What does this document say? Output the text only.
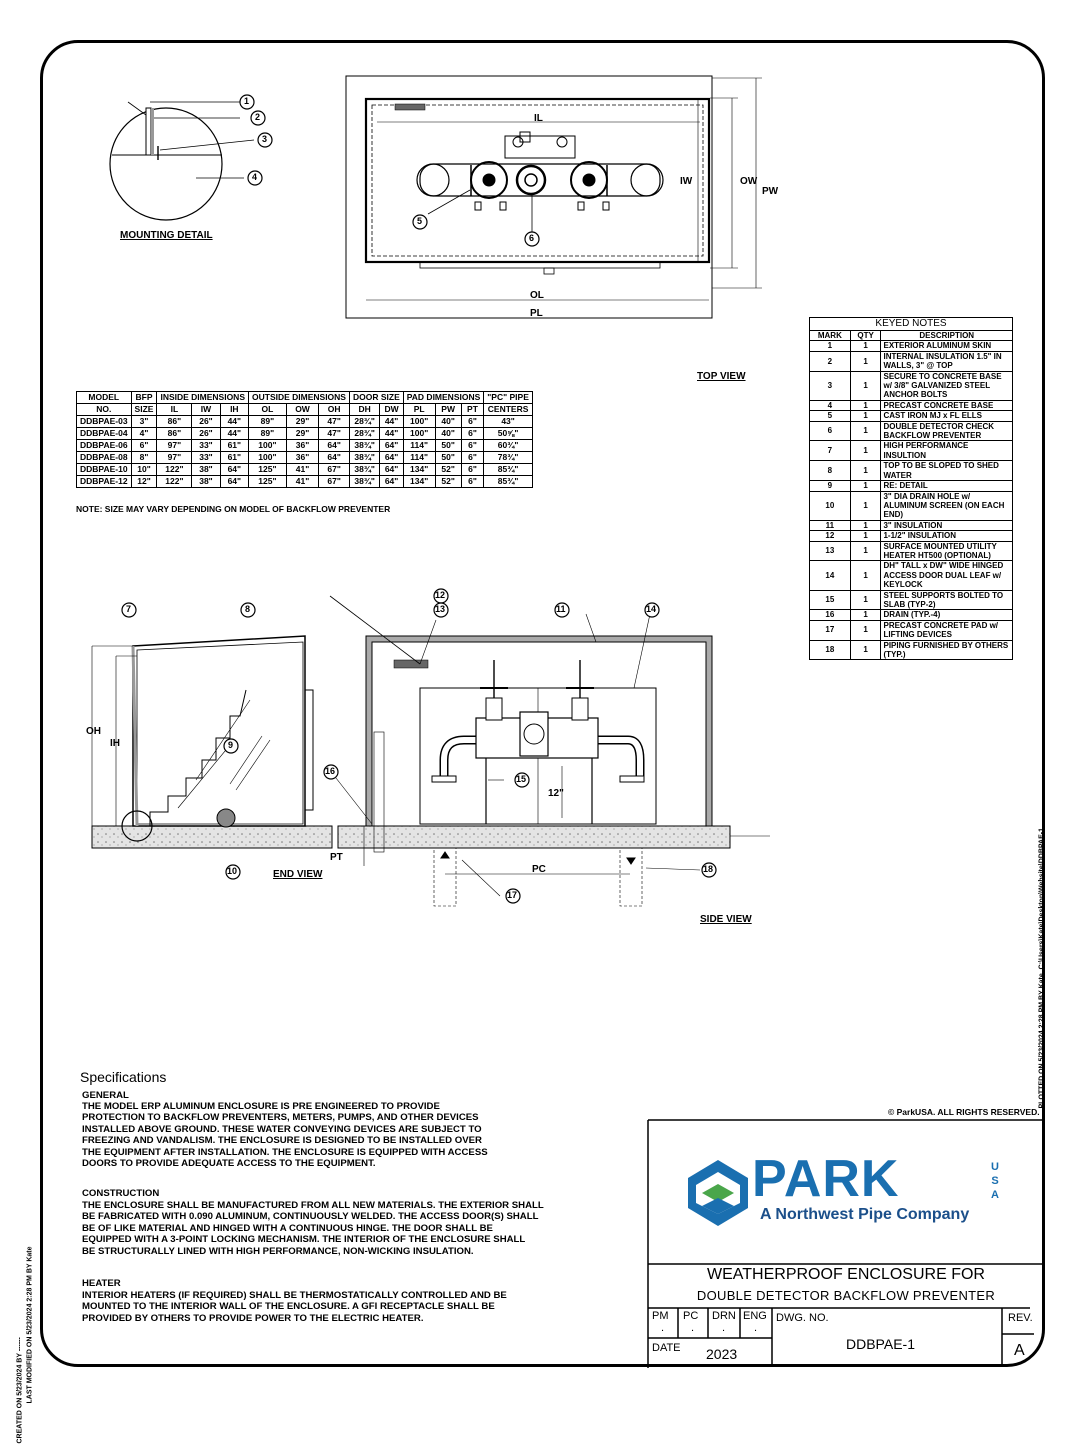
1
2
3
4
5
6
7	8
9
10
11
12
13	14
15
16
17
18
IL
IW	OW
PW
OL
PL
OH
IH
PT
PC
12"
MOUNTING DETAIL
TOP VIEW
END VIEW
SIDE VIEW
MODEL	BFP	INSIDE DIMENSIONS			OUTSIDE DIMENSIONS			DOOR SIZE		PAD DIMENSIONS			"PC" PIPE
NO.	SIZE	IL	IW	IH	OL	OW	OH	DH	DW	PL	PW	PT	CENTERS
DDBPAE-03	3"	86"	26"	44"	89"	29"	47"	28¾"	44"	100"	40"	6"	43"
DDBPAE-04	4"	86"	26"	44"	89"	29"	47"	28¾"	44"	100"	40"	6"	50⅝"
DDBPAE-06	6"	97"	33"	61"	100"	36"	64"	38¾"	64"	114"	50"	6"	60¾"
DDBPAE-08	8"	97"	33"	61"	100"	36"	64"	38¾"	64"	114"	50"	6"	78¾"
DDBPAE-10	10"	122"	38"	64"	125"	41"	67"	38¾"	64"	134"	52"	6"	85¾"
DDBPAE-12	12"	122"	38"	64"	125"	41"	67"	38¾"	64"	134"	52"	6"	85¾"
NOTE: SIZE MAY VARY DEPENDING ON MODEL OF BACKFLOW PREVENTER
KEYED NOTES		
MARK	QTY	DESCRIPTION
1	1	EXTERIOR ALUMINUM SKIN
2	1	INTERNAL INSULATION 1.5" IN WALLS, 3" @ TOP
3	1	SECURE TO CONCRETE BASE w/ 3/8" GALVANIZED STEEL ANCHOR BOLTS
4	1	PRECAST CONCRETE BASE
5	1	CAST IRON MJ x FL ELLS
6	1	DOUBLE DETECTOR CHECK BACKFLOW PREVENTER
7	1	HIGH PERFORMANCE INSULTION
8	1	TOP TO BE SLOPED TO SHED WATER
9	1	RE: DETAIL
10	1	3" DIA DRAIN HOLE w/ ALUMINUM SCREEN (ON EACH END)
11	1	3" INSULATION
12	1	1-1/2" INSULATION
13	1	SURFACE MOUNTED UTILITY HEATER HT500 (OPTIONAL)
14	1	DH" TALL x DW" WIDE HINGED ACCESS DOOR DUAL LEAF w/ KEYLOCK
15	1	STEEL SUPPORTS BOLTED TO SLAB (TYP-2)
16	1	DRAIN (TYP.-4)
17	1	PRECAST CONCRETE PAD w/ LIFTING DEVICES
18	1	PIPING FURNISHED BY OTHERS (TYP.)
Specifications
GENERAL
THE MODEL ERP ALUMINUM ENCLOSURE IS PRE ENGINEERED TO PROVIDE
PROTECTION TO BACKFLOW PREVENTERS, METERS, PUMPS, AND OTHER DEVICES
INSTALLED ABOVE GROUND. THESE WATER CONVEYING DEVICES ARE SUBJECT TO
FREEZING AND VANDALISM. THE ENCLOSURE IS DESIGNED TO BE INSTALLED OVER
THE EQUIPMENT AFTER INSTALLATION. THE ENCLOSURE IS EQUIPPED WITH ACCESS
DOORS TO PROVIDE ADEQUATE ACCESS TO THE EQUIPMENT.
CONSTRUCTION
THE ENCLOSURE SHALL BE MANUFACTURED FROM ALL NEW MATERIALS. THE EXTERIOR SHALL
BE FABRICATED WITH 0.090 ALUMINUM, CONTINUOUSLY WELDED. THE ACCESS DOOR(S) SHALL
BE OF LIKE MATERIAL AND HINGED WITH A CONTINUOUS HINGE. THE DOOR SHALL BE
EQUIPPED WITH A 3-POINT LOCKING MECHANISM. THE INTERIOR OF THE ENCLOSURE SHALL
BE STRUCTURALLY LINED WITH HIGH PERFORMANCE, NON-WICKING INSULATION.
HEATER
INTERIOR HEATERS (IF REQUIRED) SHALL BE THERMOSTATICALLY CONTROLLED AND BE
MOUNTED TO THE INTERIOR WALL OF THE ENCLOSURE. A GFI RECEPTACLE SHALL BE
PROVIDED BY OTHERS TO PROVIDE POWER TO THE ELECTRIC HEATER.
© ParkUSA. ALL RIGHTS RESERVED.
PARK	USA
A Northwest Pipe Company
WEATHERPROOF ENCLOSURE FOR
DOUBLE DETECTOR BACKFLOW PREVENTER
PM PC DRN ENG
. .	.	.
DATE 2023
DWG. NO.
DDBPAE-1
REV.
A
CREATED ON 5/23/2024 BY ------ LAST MODIFIED ON 5/23/2024 2:28 PM BY Kate
PLOTTED ON 5/23/2024 2:28 PM BY Kate, C:\Users\Kate\Desktop\Website\DDBPAE-1
